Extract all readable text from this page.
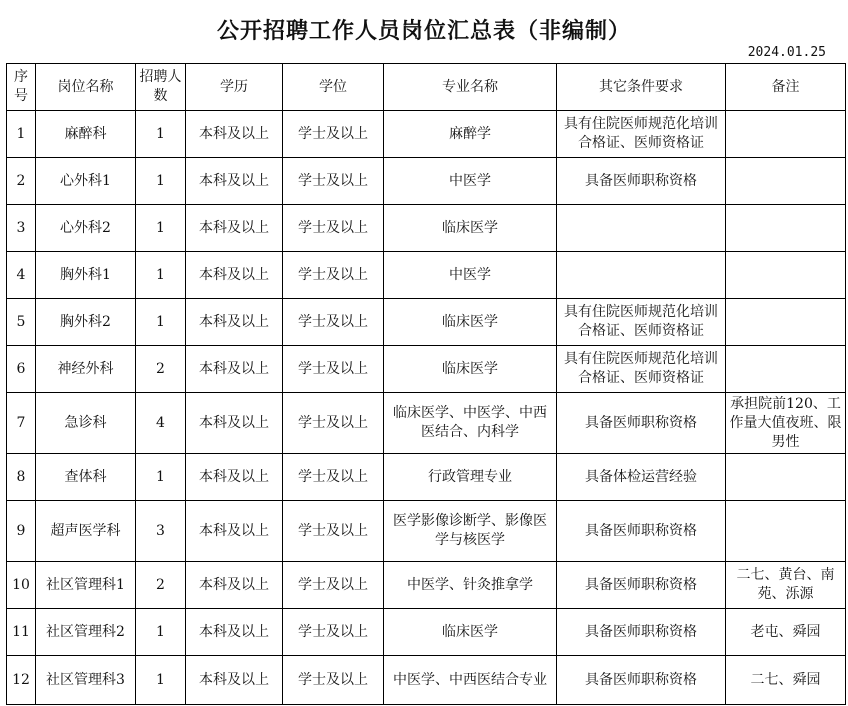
公开招聘工作人员岗位汇总表（非编制）
2024.01.25
序号	岗位名称	招聘人数	学历	学位	专业名称	其它条件要求	备注
1	麻醉科	1	本科及以上	学士及以上	麻醉学	具有住院医师规范化培训合格证、医师资格证	
2	心外科1	1	本科及以上	学士及以上	中医学	具备医师职称资格	
3	心外科2	1	本科及以上	学士及以上	临床医学		
4	胸外科1	1	本科及以上	学士及以上	中医学		
5	胸外科2	1	本科及以上	学士及以上	临床医学	具有住院医师规范化培训合格证、医师资格证	
6	神经外科	2	本科及以上	学士及以上	临床医学	具有住院医师规范化培训合格证、医师资格证	
7	急诊科	4	本科及以上	学士及以上	临床医学、中医学、中西医结合、内科学	具备医师职称资格	承担院前120、工作量大值夜班、限男性
8	查体科	1	本科及以上	学士及以上	行政管理专业	具备体检运营经验	
9	超声医学科	3	本科及以上	学士及以上	医学影像诊断学、影像医学与核医学	具备医师职称资格	
10	社区管理科1	2	本科及以上	学士及以上	中医学、针灸推拿学	具备医师职称资格	二七、黄台、南苑、泺源
11	社区管理科2	1	本科及以上	学士及以上	临床医学	具备医师职称资格	老屯、舜园
12	社区管理科3	1	本科及以上	学士及以上	中医学、中西医结合专业	具备医师职称资格	二七、舜园
